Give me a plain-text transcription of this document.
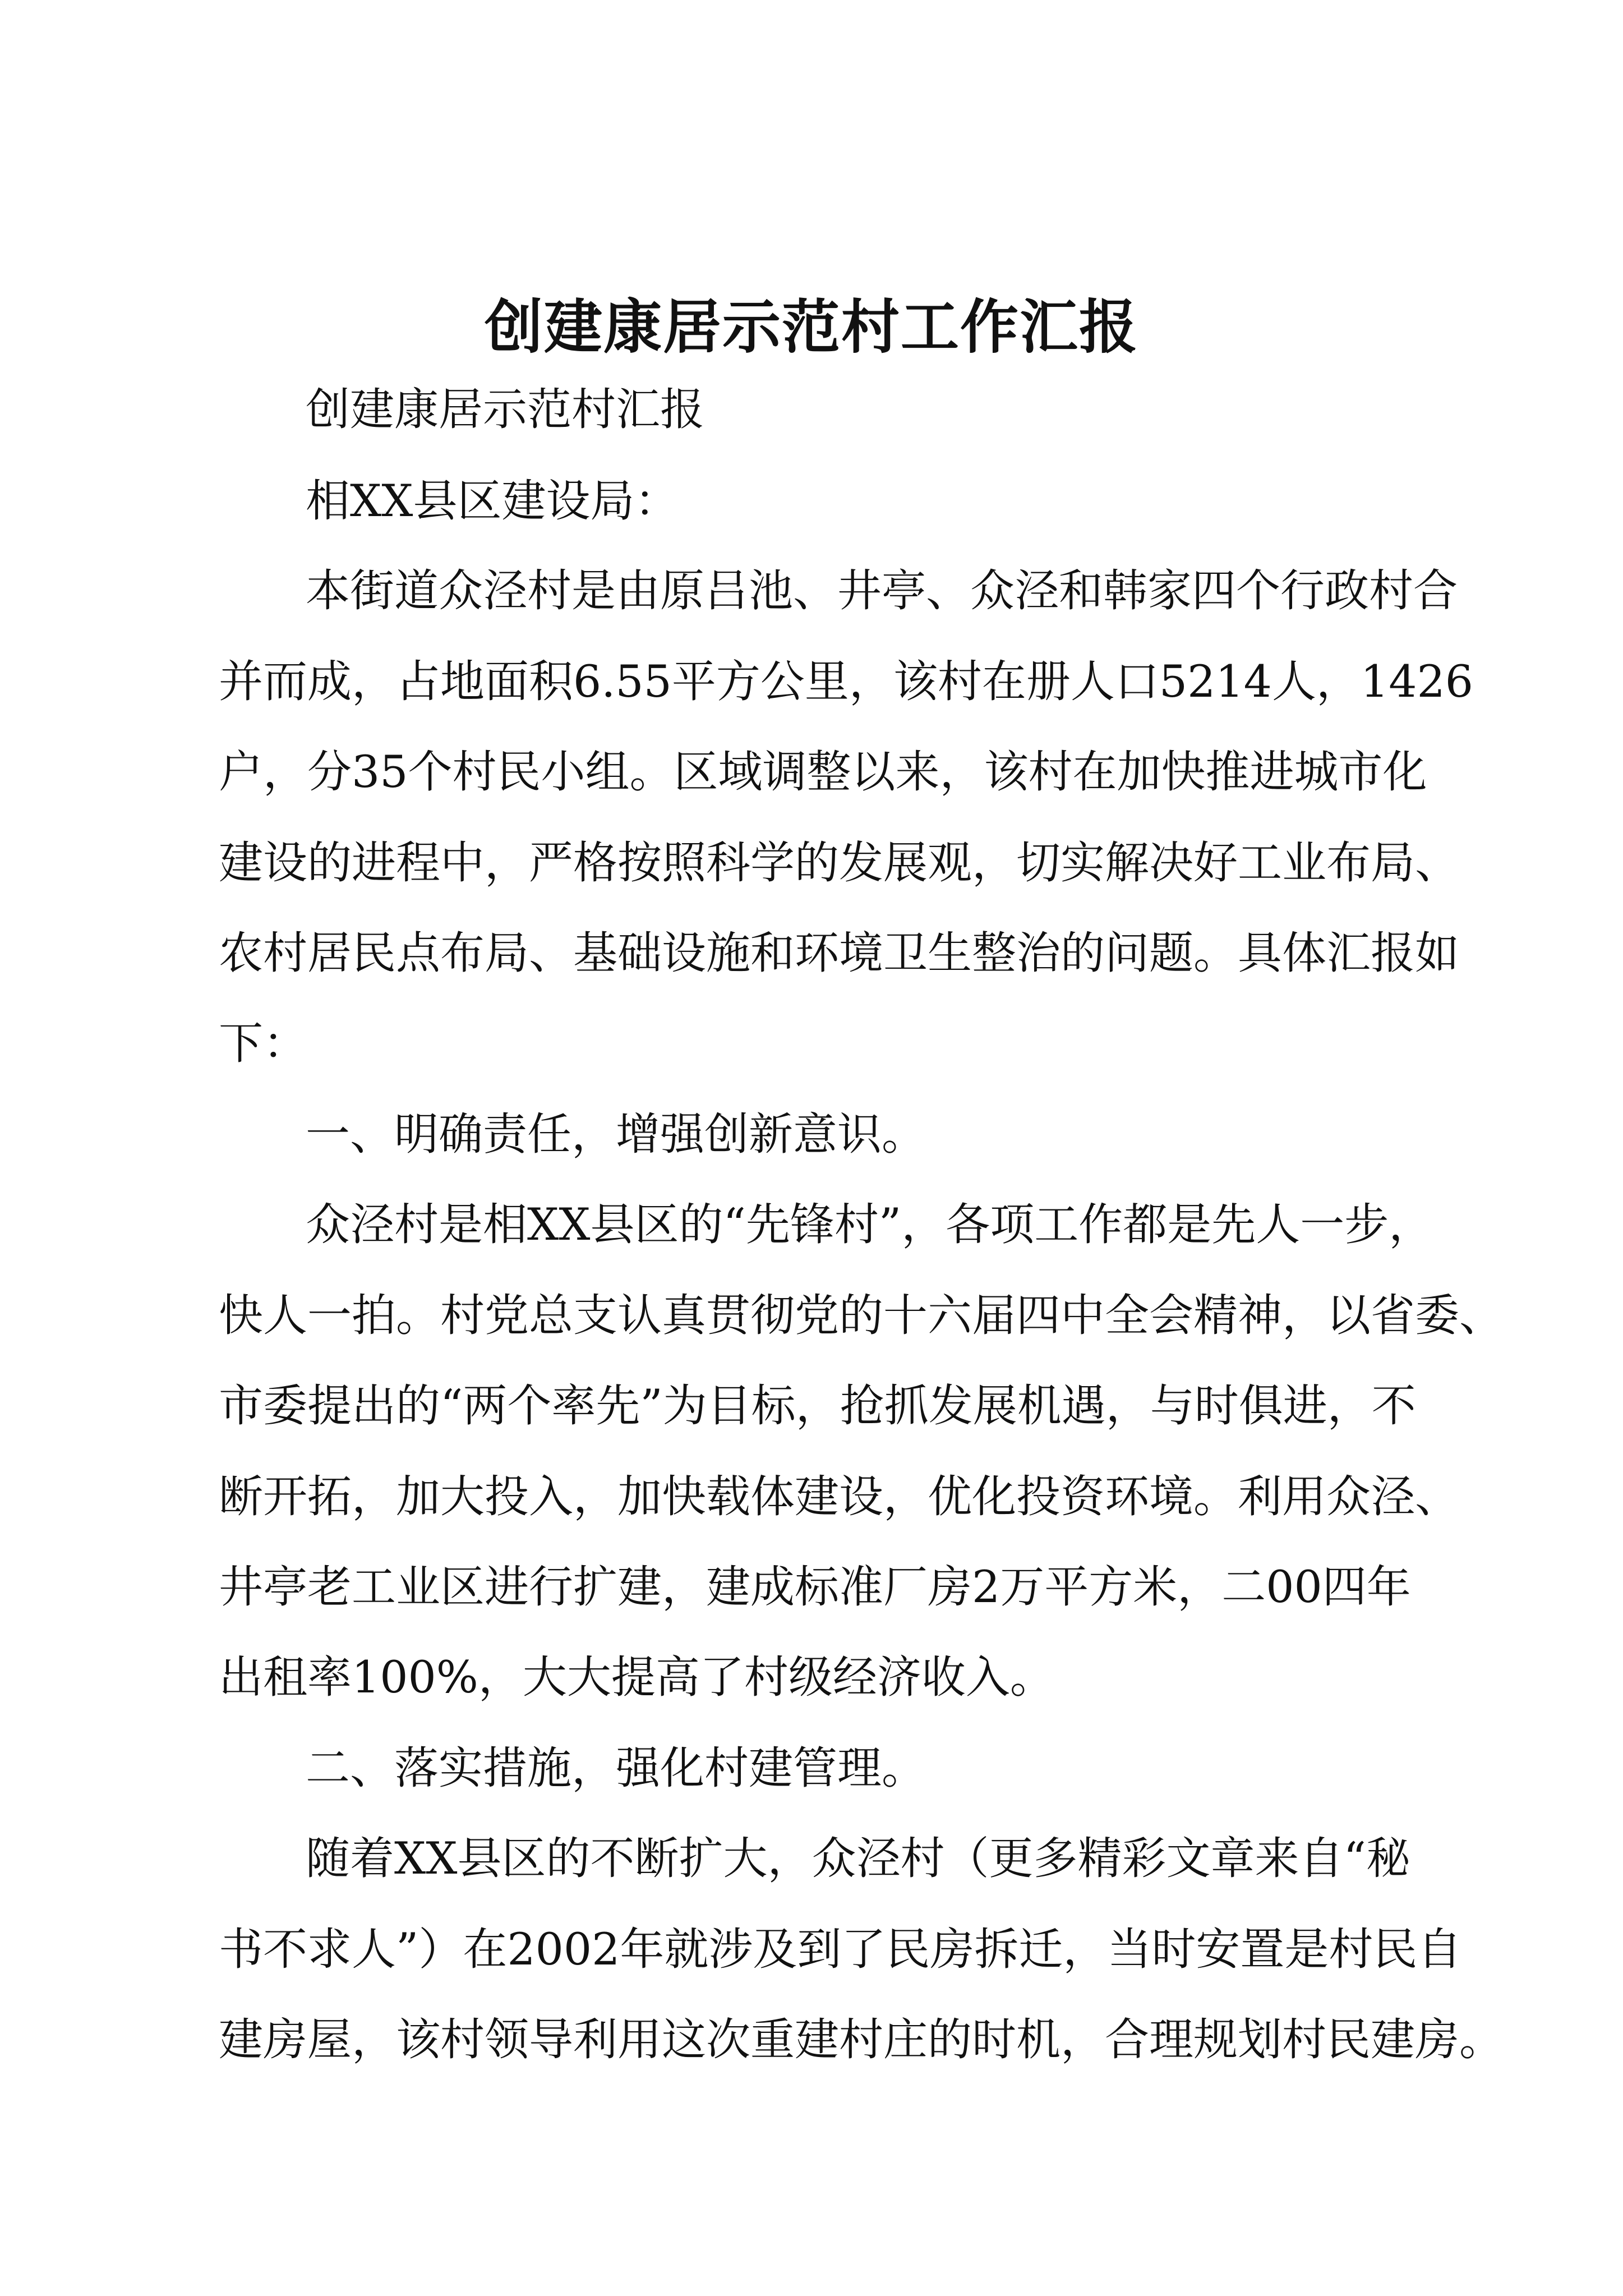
创建康居示范村工作汇报
创建康居示范村汇报
相XX县区建设局：
本街道众泾村是由原吕池、井亭、众泾和韩家四个行政村合
并而成，占地面积6.55平方公里，该村在册人口5214人，1426
户，分35个村民小组。区域调整以来，该村在加快推进城市化
建设的进程中，严格按照科学的发展观，切实解决好工业布局、
农村居民点布局、基础设施和环境卫生整治的问题。具体汇报如
下：
一、明确责任，增强创新意识。
众泾村是相XX县区的“先锋村”，各项工作都是先人一步，
快人一拍。村党总支认真贯彻党的十六届四中全会精神，以省委、
市委提出的“两个率先”为目标，抢抓发展机遇，与时俱进，不
断开拓，加大投入，加快载体建设，优化投资环境。利用众泾、
井亭老工业区进行扩建，建成标准厂房2万平方米，二00四年
出租率100%，大大提高了村级经济收入。
二、落实措施，强化村建管理。
随着XX县区的不断扩大，众泾村（更多精彩文章来自“秘
书不求人”）在2002年就涉及到了民房拆迁，当时安置是村民自
建房屋，该村领导利用这次重建村庄的时机，合理规划村民建房。
